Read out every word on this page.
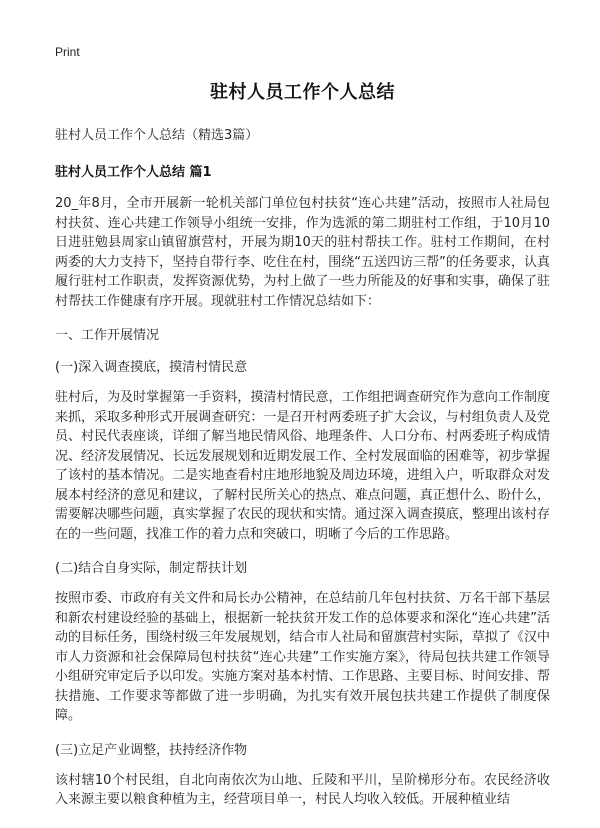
Print
驻村人员工作个人总结
驻村人员工作个人总结（精选3篇）
驻村人员工作个人总结 篇1
20_年8月，全市开展新一轮机关部门单位包村扶贫“连心共建”活动，按照市人社局包村扶贫、连心共建工作领导小组统一安排，作为选派的第二期驻村工作组，于10月10日进驻勉县周家山镇留旗营村，开展为期10天的驻村帮扶工作。驻村工作期间，在村两委的大力支持下，坚持自带行李、吃住在村，围绕“五送四访三帮”的任务要求，认真履行驻村工作职责，发挥资源优势，为村上做了一些力所能及的好事和实事，确保了驻村帮扶工作健康有序开展。现就驻村工作情况总结如下：
一、工作开展情况
(一)深入调查摸底，摸清村情民意
驻村后，为及时掌握第一手资料，摸清村情民意，工作组把调查研究作为意向工作制度来抓，采取多种形式开展调查研究：一是召开村两委班子扩大会议，与村组负责人及党员、村民代表座谈，详细了解当地民情风俗、地理条件、人口分布、村两委班子构成情况、经济发展情况、长远发展规划和近期发展工作、全村发展面临的困难等，初步掌握了该村的基本情况。二是实地查看村庄地形地貌及周边环境，进组入户，听取群众对发展本村经济的意见和建议，了解村民所关心的热点、难点问题，真正想什么、盼什么，需要解决哪些问题，真实掌握了农民的现状和实情。通过深入调查摸底，整理出该村存在的一些问题，找准工作的着力点和突破口，明晰了今后的工作思路。
(二)结合自身实际，制定帮扶计划
按照市委、市政府有关文件和局长办公精神，在总结前几年包村扶贫、万名干部下基层和新农村建设经验的基础上，根据新一轮扶贫开发工作的总体要求和深化“连心共建”活动的目标任务，围绕村级三年发展规划，结合市人社局和留旗营村实际，草拟了《汉中市人力资源和社会保障局包村扶贫“连心共建”工作实施方案》，待局包扶共建工作领导小组研究审定后予以印发。实施方案对基本村情、工作思路、主要目标、时间安排、帮扶措施、工作要求等都做了进一步明确，为扎实有效开展包扶共建工作提供了制度保障。
(三)立足产业调整，扶持经济作物
该村辖10个村民组，自北向南依次为山地、丘陵和平川，呈阶梯形分布。农民经济收入来源主要以粮食种植为主，经营项目单一，村民人均收入较低。开展种植业结
